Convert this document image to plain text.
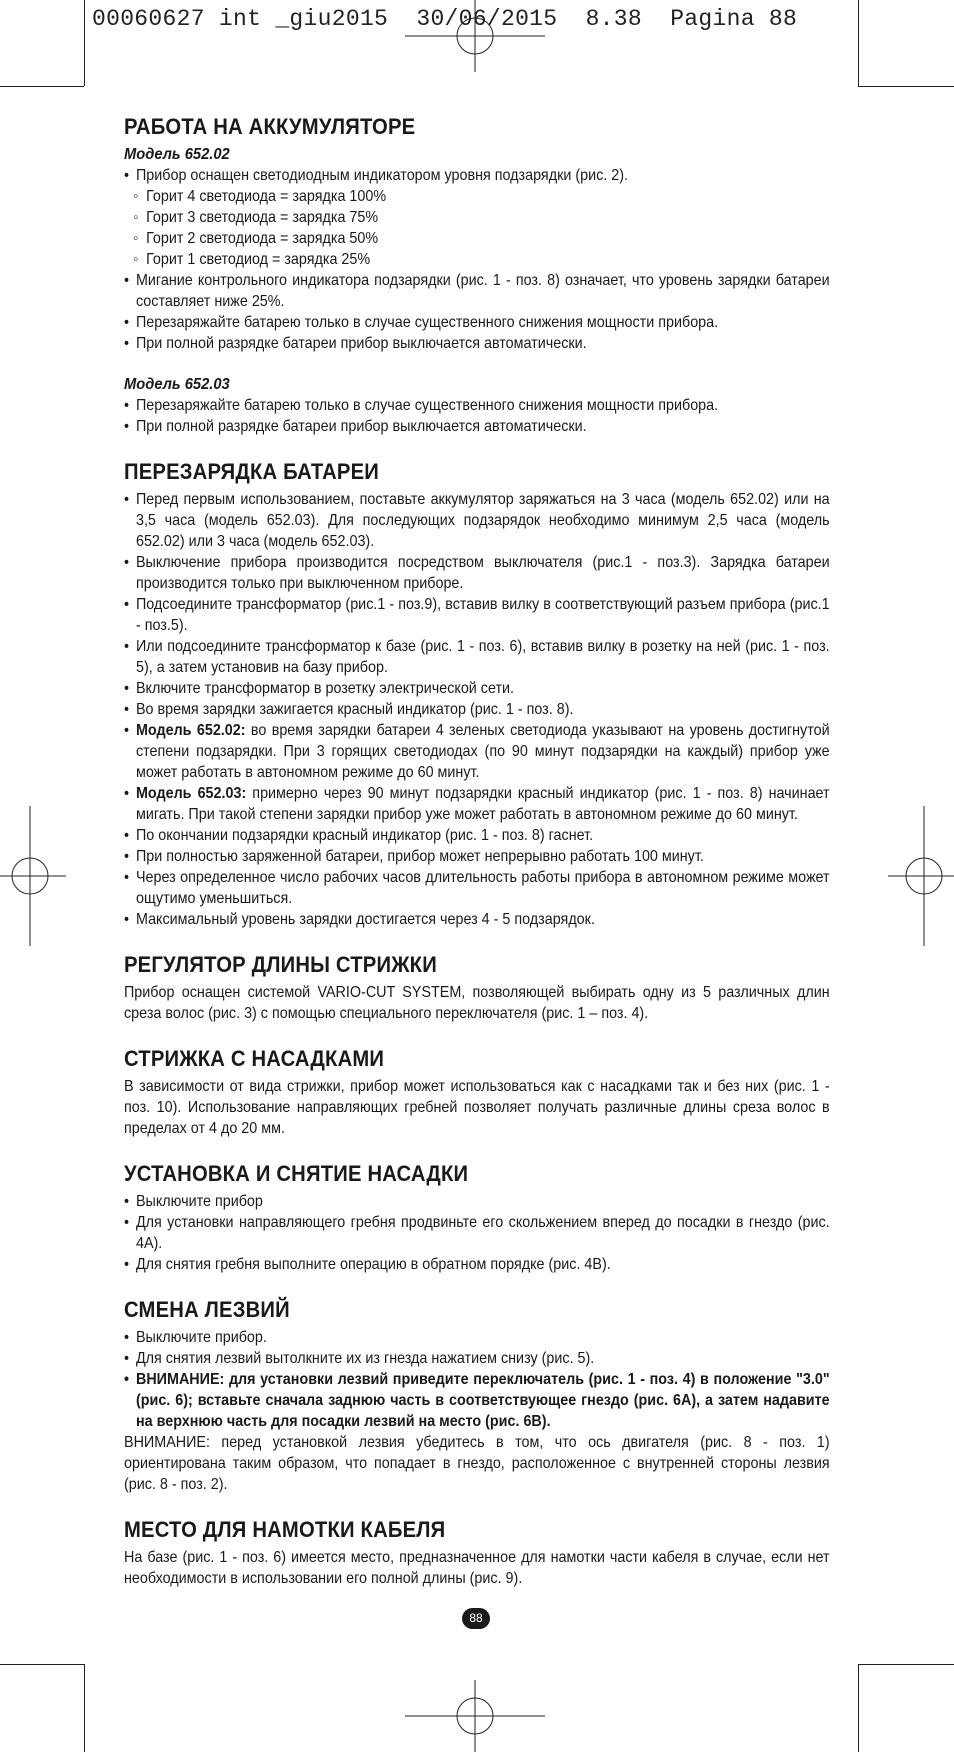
00060627 int _giu2015  30/06/2015  8.38  Pagina 88
РАБОТА НА АККУМУЛЯТОРЕ
Модель 652.02
• Прибор оснащен светодиодным индикатором уровня подзарядки (рис. 2).
◦ Горит 4 светодиода = зарядка 100%
◦ Горит 3 светодиода = зарядка 75%
◦ Горит 2 светодиода = зарядка 50%
◦ Горит 1 светодиод = зарядка 25%
• Мигание контрольного индикатора подзарядки (рис. 1 - поз. 8) означает, что уровень зарядки батареи составляет ниже 25%.
• Перезаряжайте батарею только в случае существенного снижения мощности прибора.
• При полной разрядке батареи прибор выключается автоматически.
Модель 652.03
• Перезаряжайте батарею только в случае существенного снижения мощности прибора.
• При полной разрядке батареи прибор выключается автоматически.
ПЕРЕЗАРЯДКА БАТАРЕИ
• Перед первым использованием, поставьте аккумулятор заряжаться на 3 часа (модель 652.02) или на 3,5 часа (модель 652.03). Для последующих подзарядок необходимо минимум 2,5 часа (модель 652.02) или 3 часа (модель 652.03).
• Выключение прибора производится посредством выключателя (рис.1 - поз.3). Зарядка батареи производится только при выключенном приборе.
• Подсоедините трансформатор (рис.1 - поз.9), вставив вилку в соответствующий разъем прибора (рис.1 - поз.5).
• Или подсоедините трансформатор к базе (рис. 1 - поз. 6), вставив вилку в розетку на ней (рис. 1 - поз. 5), а затем установив на базу прибор.
• Включите трансформатор в розетку электрической сети.
• Во время зарядки зажигается красный индикатор (рис. 1 - поз. 8).
• Модель 652.02: во время зарядки батареи 4 зеленых светодиода указывают на уровень достигнутой степени подзарядки. При 3 горящих светодиодах (по 90 минут подзарядки на каждый) прибор уже может работать в автономном режиме до 60 минут.
• Модель 652.03: примерно через 90 минут подзарядки красный индикатор (рис. 1 - поз. 8) начинает мигать. При такой степени зарядки прибор уже может работать в автономном режиме до 60 минут.
• По окончании подзарядки красный индикатор (рис. 1 - поз. 8) гаснет.
• При полностью заряженной батареи, прибор может непрерывно работать 100 минут.
• Через определенное число рабочих часов длительность работы прибора в автономном режиме может ощутимо уменьшиться.
• Максимальный уровень зарядки достигается через 4 - 5 подзарядок.
РЕГУЛЯТОР ДЛИНЫ СТРИЖКИ

Прибор оснащен системой VARIO-CUT SYSTEM, позволяющей выбирать одну из 5 различных длин среза волос (рис. 3) с помощью специального переключателя (рис. 1 – поз. 4).

СТРИЖКА С НАСАДКАМИ

В зависимости от вида стрижки, прибор может использоваться как с насадками так и без них (рис. 1 - поз. 10). Использование направляющих гребней позволяет получать различные длины среза волос в пределах от 4 до 20 мм.

УСТАНОВКА И СНЯТИЕ НАСАДКИ
• Выключите прибор
• Для установки направляющего гребня продвиньте его скольжением вперед до посадки в гнездо (рис. 4А).
• Для снятия гребня выполните операцию в обратном порядке (рис. 4В).
СМЕНА ЛЕЗВИЙ
• Выключите прибор.
• Для снятия лезвий вытолкните их из гнезда нажатием снизу (рис. 5).
• ВНИМАНИЕ: для установки лезвий приведите переключатель (рис. 1 - поз. 4) в положение "3.0" (рис. 6); вставьте сначала заднюю часть в соответствующее гнездо (рис. 6A), а затем надавите на верхнюю часть для посадки лезвий на место (рис. 6B).

ВНИМАНИЕ: перед установкой лезвия убедитесь в том, что ось двигателя (рис. 8 - поз. 1) ориентирована таким образом, что попадает в гнездо, расположенное с внутренней стороны лезвия (рис. 8 - поз. 2).

МЕСТО ДЛЯ НАМОТКИ КАБЕЛЯ

На базе (рис. 1 - поз. 6) имеется место, предназначенное для намотки части кабеля в случае, если нет необходимости в использовании его полной длины (рис. 9).

88
